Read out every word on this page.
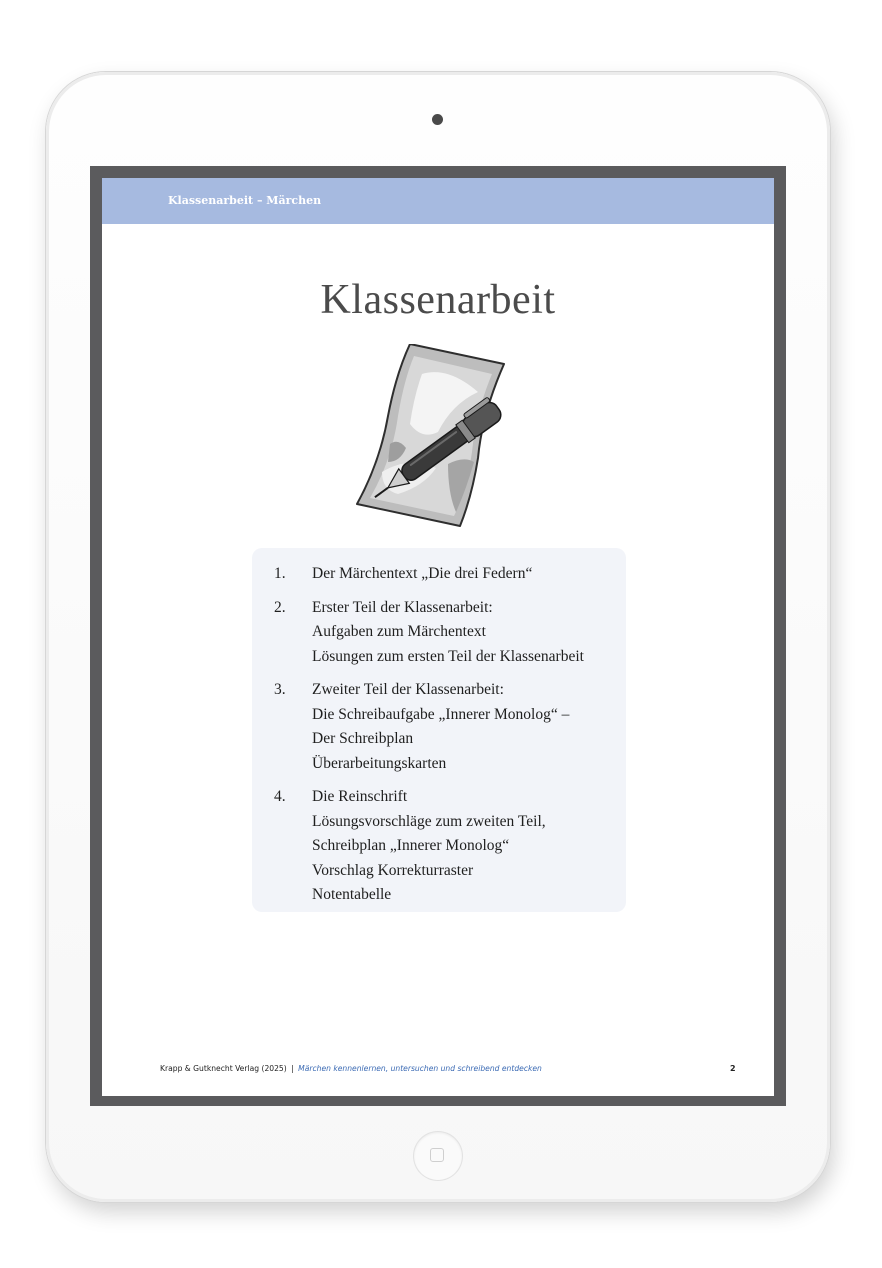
Klassenarbeit – Märchen
Klassenarbeit
1. Der Märchentext „Die drei Federn“
2. Erster Teil der Klassenarbeit:
Aufgaben zum Märchentext
Lösungen zum ersten Teil der Klassenarbeit
3. Zweiter Teil der Klassenarbeit:
Die Schreibaufgabe „Innerer Monolog“ –
Der Schreibplan
Überarbeitungskarten
4. Die Reinschrift
Lösungsvorschläge zum zweiten Teil,
Schreibplan „Innerer Monolog“
Vorschlag Korrekturraster
Notentabelle
Krapp & Gutknecht Verlag (2025) | Märchen kennenlernen, untersuchen und schreibend entdecken	2
